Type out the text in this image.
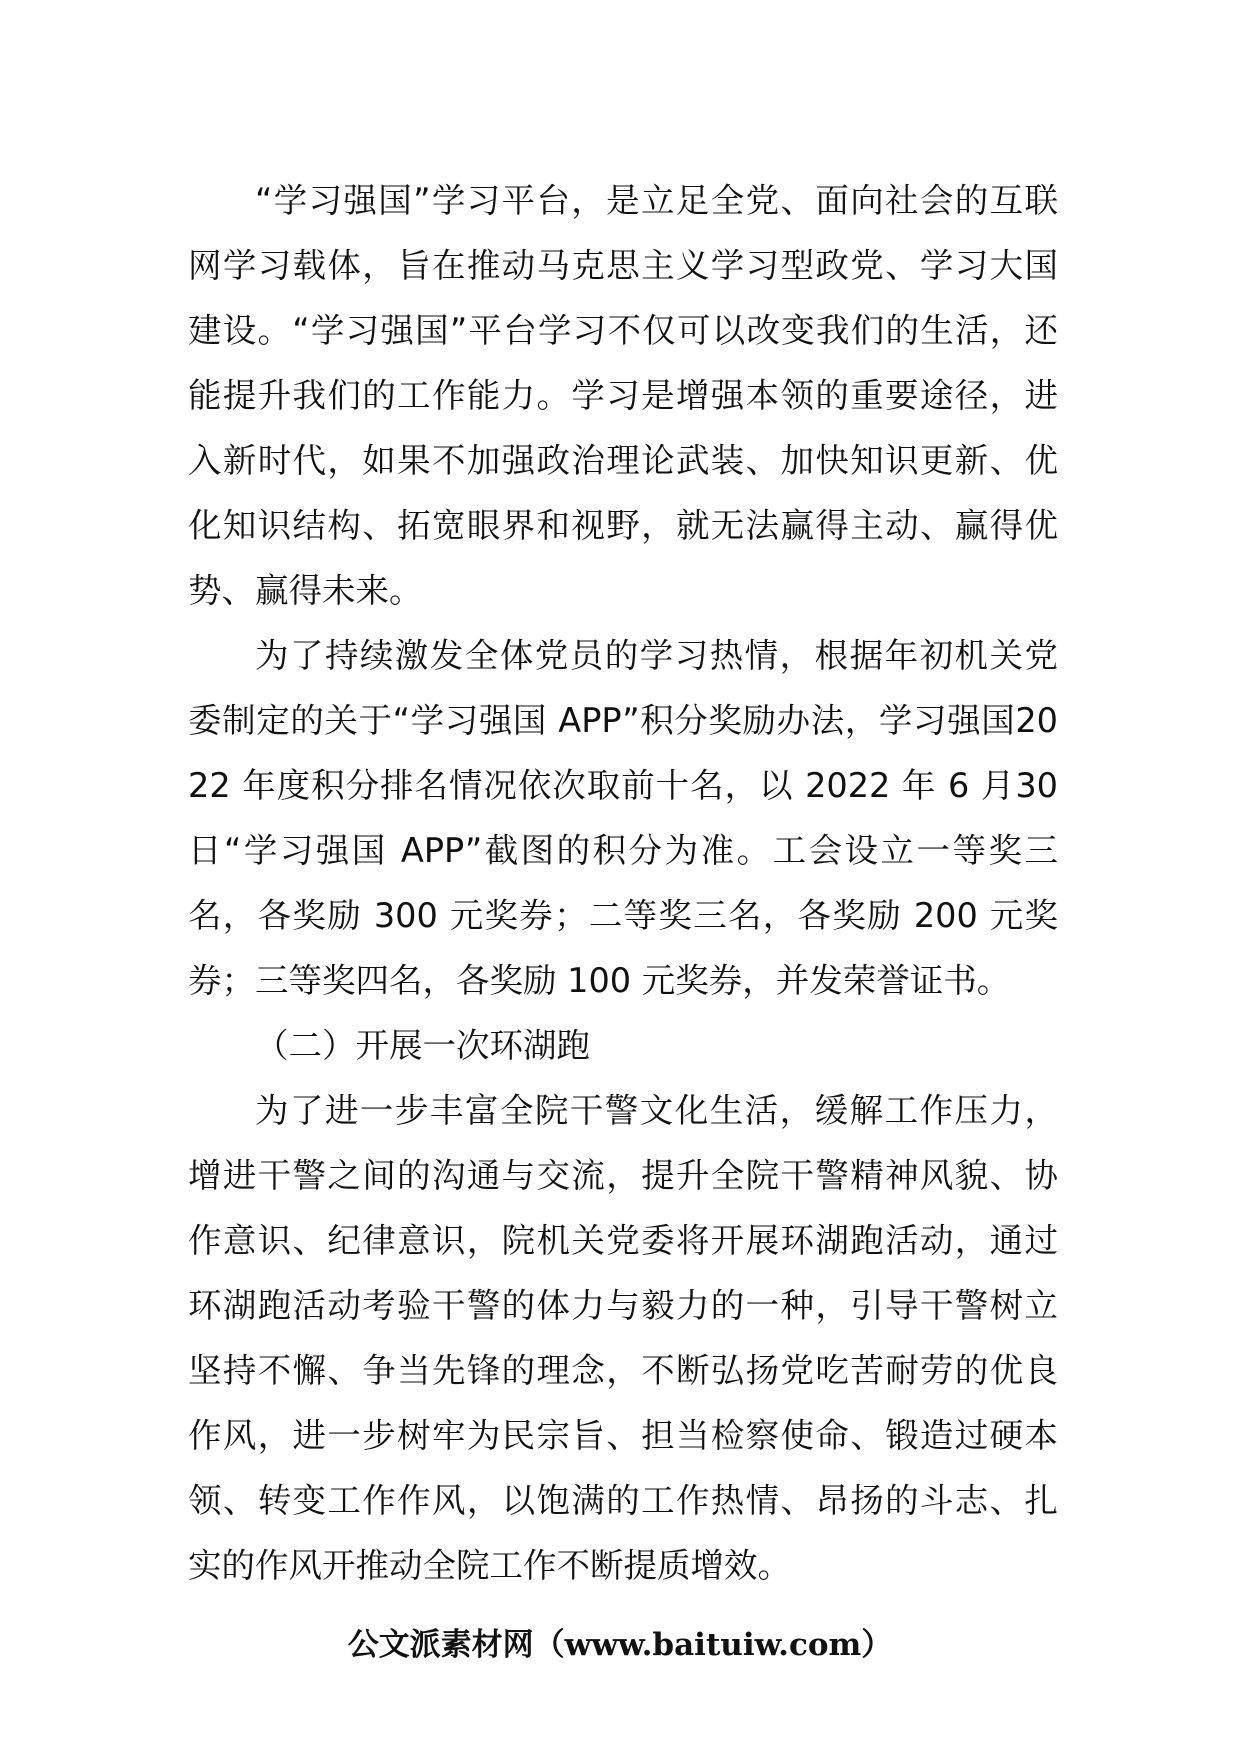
“学习强国”学习平台，是立足全党、面向社会的互联网学习载体，旨在推动马克思主义学习型政党、学习大国建设。“学习强国”平台学习不仅可以改变我们的生活，还能提升我们的工作能力。学习是增强本领的重要途径，进入新时代，如果不加强政治理论武装、加快知识更新、优化知识结构、拓宽眼界和视野，就无法赢得主动、赢得优势、赢得未来。

为了持续激发全体党员的学习热情，根据年初机关党委制定的关于“学习强国 APP”积分奖励办法，学习强国2022 年度积分排名情况依次取前十名，以 2022 年 6 月30 日“学习强国 APP”截图的积分为准。工会设立一等奖三名，各奖励 300 元奖券；二等奖三名，各奖励 200 元奖券；三等奖四名，各奖励 100 元奖券，并发荣誉证书。

（二）开展一次环湖跑

为了进一步丰富全院干警文化生活，缓解工作压力，增进干警之间的沟通与交流，提升全院干警精神风貌、协作意识、纪律意识，院机关党委将开展环湖跑活动，通过环湖跑活动考验干警的体力与毅力的一种，引导干警树立坚持不懈、争当先锋的理念，不断弘扬党吃苦耐劳的优良作风，进一步树牢为民宗旨、担当检察使命、锻造过硬本领、转变工作作风，以饱满的工作热情、昂扬的斗志、扎实的作风开推动全院工作不断提质增效。

公文派素材网（www.baituiw.com）
